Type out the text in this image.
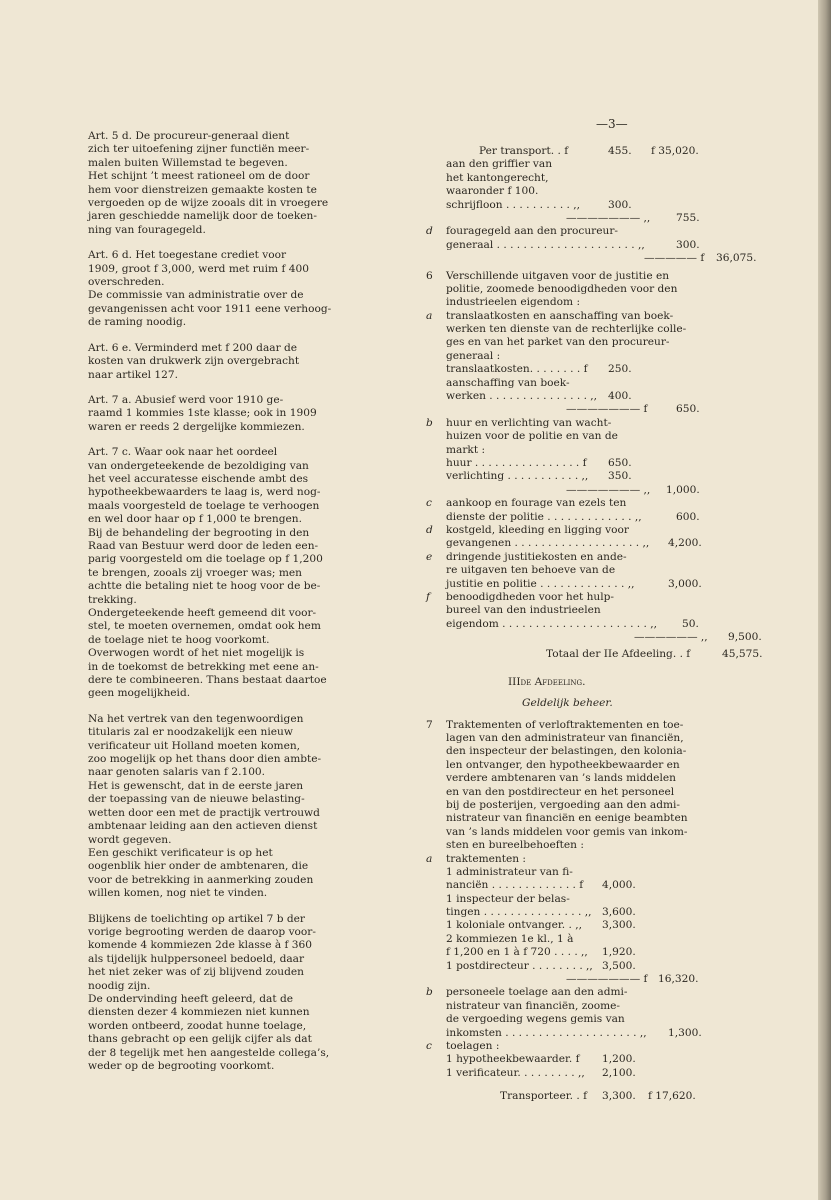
—3—

Art. 5 d. De procureur-generaal dient
zich ter uitoefening zijner functiën meer-
malen buiten Willemstad te begeven.
Het schijnt ’t meest rationeel om de door
hem voor dienstreizen gemaakte kosten te
vergoeden op de wijze zooals dit in vroegere
jaren geschiedde namelijk door de toeken-
ning van fouragegeld.

Art. 6 d. Het toegestane crediet voor
1909, groot f 3,000, werd met ruim f 400
overschreden.
De commissie van administratie over de
gevangenissen acht voor 1911 eene verhoog-
de raming noodig.

Art. 6 e. Verminderd met f 200 daar de
kosten van drukwerk zijn overgebracht
naar artikel 127.

Art. 7 a. Abusief werd voor 1910 ge-
raamd 1 kommies 1ste klasse; ook in 1909
waren er reeds 2 dergelijke kommiezen.

Art. 7 c. Waar ook naar het oordeel
van ondergeteekende de bezoldiging van
het veel accuratesse eischende ambt des
hypotheekbewaarders te laag is, werd nog-
maals voorgesteld de toelage te verhoogen
en wel door haar op f 1,000 te brengen.
Bij de behandeling der begrooting in den
Raad van Bestuur werd door de leden een-
parig voorgesteld om die toelage op f 1,200
te brengen, zooals zij vroeger was; men
achtte die betaling niet te hoog voor de be-
trekking.
Ondergeteekende heeft gemeend dit voor-
stel, te moeten overnemen, omdat ook hem
de toelage niet te hoog voorkomt.
Overwogen wordt of het niet mogelijk is
in de toekomst de betrekking met eene an-
dere te combineeren. Thans bestaat daartoe
geen mogelijkheid.

Na het vertrek van den tegenwoordigen
titularis zal er noodzakelijk een nieuw
verificateur uit Holland moeten komen,
zoo mogelijk op het thans door dien ambte-
naar genoten salaris van f 2.100.
Het is gewenscht, dat in de eerste jaren
der toepassing van de nieuwe belasting-
wetten door een met de practijk vertrouwd
ambtenaar leiding aan den actieven dienst
wordt gegeven.
Een geschikt verificateur is op het
oogenblik hier onder de ambtenaren, die
voor de betrekking in aanmerking zouden
willen komen, nog niet te vinden.

Blijkens de toelichting op artikel 7 b der
vorige begrooting werden de daarop voor-
komende 4 kommiezen 2de klasse à f 360
als tijdelijk hulppersoneel bedoeld, daar
het niet zeker was of zij blijvend zouden
noodig zijn.
De ondervinding heeft geleerd, dat de
diensten dezer 4 kommiezen niet kunnen
worden ontbeerd, zoodat hunne toelage,
thans gebracht op een gelijk cijfer als dat
der 8 tegelijk met hen aangestelde collega’s,
weder op de begrooting voorkomt.

Per transport. . f	455. f 35,020.
aan den griffier van
het kantongerecht,
waaronder f 100.
schrijfloon . . . . . . . . . . ,,	300.
——————— ,, 755.
d fouragegeld aan den procureur-
generaal . . . . . . . . . . . . . . . . . . . . . ,,	300.
————— f 36,075.
6 Verschillende uitgaven voor de justitie en
politie, zoomede benoodigdheden voor den
industrieelen eigendom :
a translaatkosten en aanschaffing van boek-
werken ten dienste van de rechterlijke colle-
ges en van het parket van den procureur-
generaal :
translaatkosten. . . . . . . . f 250.
aanschaffing van boek-
werken . . . . . . . . . . . . . . . ,, 400.
——————— f	650.
b huur en verlichting van wacht-
huizen voor de politie en van de
markt :
huur . . . . . . . . . . . . . . . . f 650.
verlichting . . . . . . . . . . . ,, 350.
——————— ,, 1,000.
c aankoop en fourage van ezels ten
dienste der politie . . . . . . . . . . . . . ,,	600.
d kostgeld, kleeding en ligging voor
gevangenen . . . . . . . . . . . . . . . . . . . ,, 4,200.
e dringende justitiekosten en ande-
re uitgaven ten behoeve van de
justitie en politie . . . . . . . . . . . . . ,,	3,000.
f benoodigdheden voor het hulp-
bureel van den industrieelen
eigendom . . . . . . . . . . . . . . . . . . . . . . ,, 50.
—————— ,, 9,500.
Totaal der IIe Afdeeling. . f	45,575.
IIIde Afdeeling.
Geldelijk beheer.
7 Traktementen of verloftraktementen en toe-
lagen van den administrateur van financiën,
den inspecteur der belastingen, den kolonia-
len ontvanger, den hypotheekbewaarder en
verdere ambtenaren van ’s lands middelen
en van den postdirecteur en het personeel
bij de posterijen, vergoeding aan den admi-
nistrateur van financiën en eenige beambten
van ’s lands middelen voor gemis van inkom-
sten en bureelbehoeften :
a traktementen :
1 administrateur van fi-
nanciën . . . . . . . . . . . . . f 4,000.
1 inspecteur der belas-
tingen . . . . . . . . . . . . . . . ,, 3,600.
1 koloniale ontvanger. . ,, 3,300.
2 kommiezen 1e kl., 1 à
f 1,200 en 1 à f 720 . . . . ,, 1,920.
1 postdirecteur . . . . . . . . ,, 3,500.
——————— f 16,320.
b personeele toelage aan den admi-
nistrateur van financiën, zoome-
de vergoeding wegens gemis van
inkomsten . . . . . . . . . . . . . . . . . . . . ,, 1,300.
c toelagen :
1 hypotheekbewaarder. f 1,200.
1 verificateur. . . . . . . . . ,, 2,100.
Transporteer. . f 3,300. f 17,620.
